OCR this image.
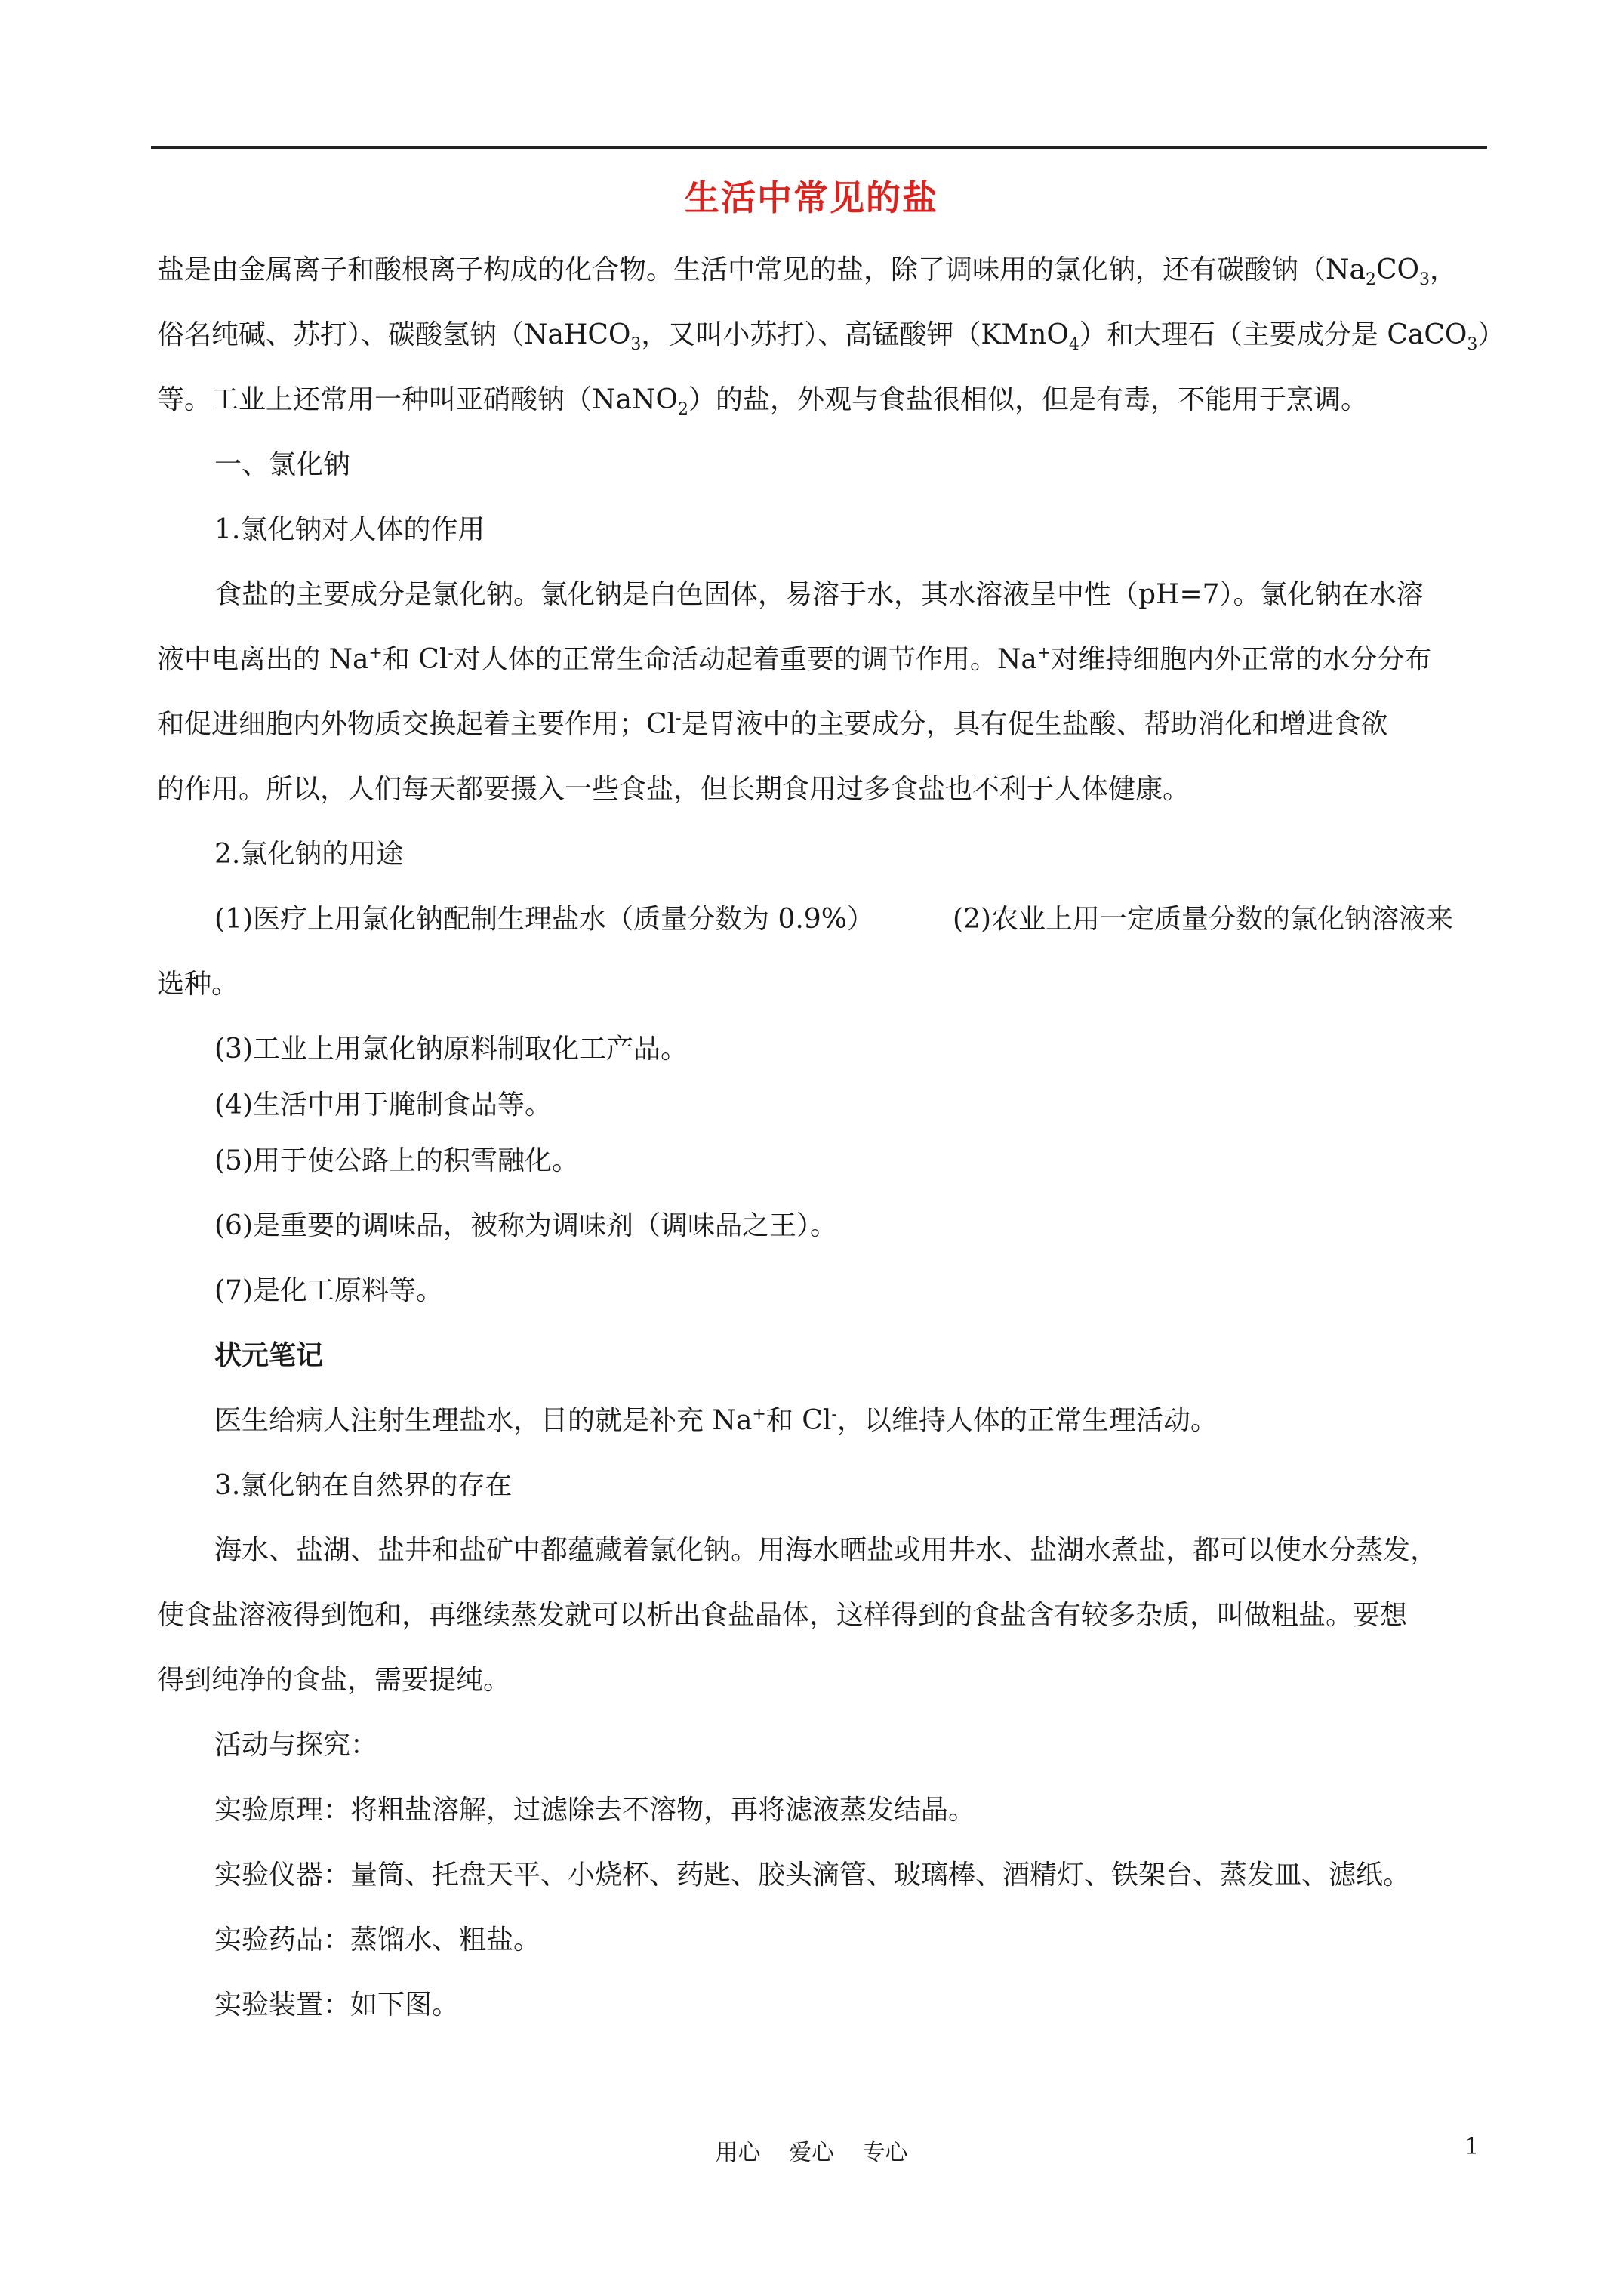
生活中常见的盐
盐是由金属离子和酸根离子构成的化合物。生活中常见的盐，除了调味用的氯化钠，还有碳酸钠（$Na_2CO_3$，
俗名纯碱、苏打）、碳酸氢钠（NaHCO$_3$，又叫小苏打）、高锰酸钾（KMnO$_4$）和大理石（主要成分是 CaCO$_3$）
等。工业上还常用一种叫亚硝酸钠（NaNO$_2$）的盐，外观与食盐很相似，但是有毒，不能用于烹调。
一、氯化钠
1.氯化钠对人体的作用
食盐的主要成分是氯化钠。氯化钠是白色固体，易溶于水，其水溶液呈中性（pH=7）。氯化钠在水溶
液中电离出的 Na+和 Cl-对人体的正常生命活动起着重要的调节作用。Na+对维持细胞内外正常的水分分布
和促进细胞内外物质交换起着主要作用；Cl-是胃液中的主要成分，具有促生盐酸、帮助消化和增进食欲
的作用。所以，人们每天都要摄入一些食盐，但长期食用过多食盐也不利于人体健康。
2.氯化钠的用途
(1)医疗上用氯化钠配制生理盐水（质量分数为 0.9%）	(2)农业上用一定质量分数的氯化钠溶液来
选种。
(3)工业上用氯化钠原料制取化工产品。
(4)生活中用于腌制食品等。
(5)用于使公路上的积雪融化。
(6)是重要的调味品，被称为调味剂（调味品之王）。
(7)是化工原料等。
状元笔记
医生给病人注射生理盐水，目的就是补充 Na+和 Cl-，以维持人体的正常生理活动。
3.氯化钠在自然界的存在
海水、盐湖、盐井和盐矿中都蕴藏着氯化钠。用海水晒盐或用井水、盐湖水煮盐，都可以使水分蒸发，
使食盐溶液得到饱和，再继续蒸发就可以析出食盐晶体，这样得到的食盐含有较多杂质，叫做粗盐。要想
得到纯净的食盐，需要提纯。
活动与探究：
实验原理：将粗盐溶解，过滤除去不溶物，再将滤液蒸发结晶。
实验仪器：量筒、托盘天平、小烧杯、药匙、胶头滴管、玻璃棒、酒精灯、铁架台、蒸发皿、滤纸。
实验药品：蒸馏水、粗盐。
实验装置：如下图。
用心 爱心 专心	1
